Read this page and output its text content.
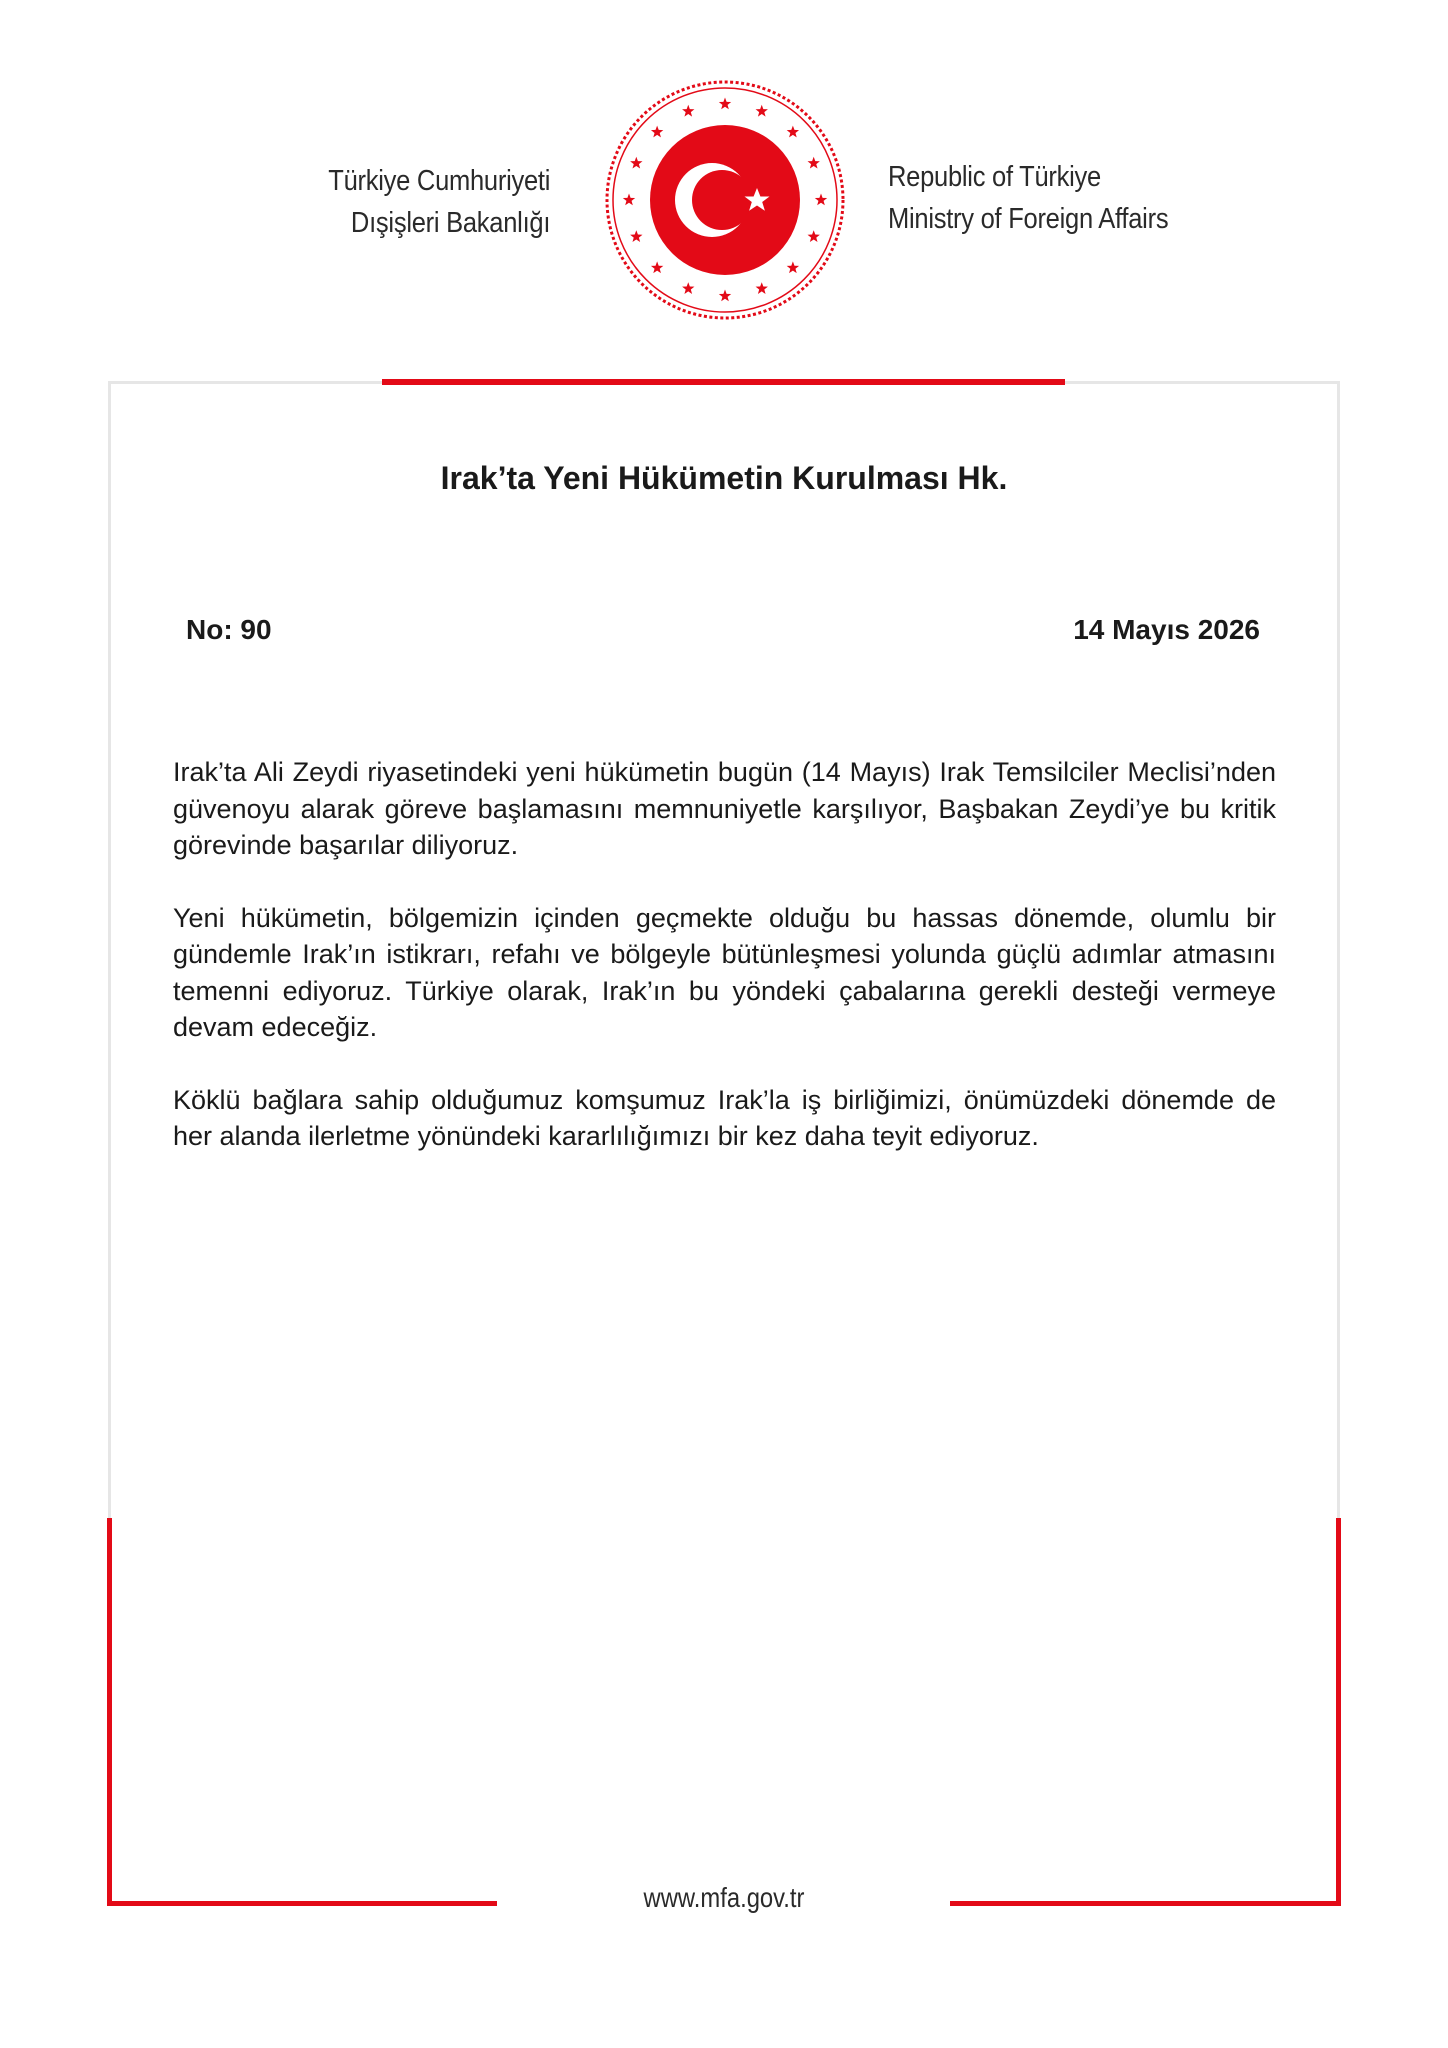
Türkiye Cumhuriyeti
Dışişleri Bakanlığı
Republic of Türkiye
Ministry of Foreign Affairs
Irak’ta Yeni Hükümetin Kurulması Hk.
No: 90	14 Mayıs 2026

Irak’ta Ali Zeydi riyasetindeki yeni hükümetin bugün (14 Mayıs) Irak Temsilciler Meclisi’nden güvenoyu alarak göreve başlamasını memnuniyetle karşılıyor, Başbakan Zeydi’ye bu kritik görevinde başarılar diliyoruz.

Yeni hükümetin, bölgemizin içinden geçmekte olduğu bu hassas dönemde, olumlu bir gündemle Irak’ın istikrarı, refahı ve bölgeyle bütünleşmesi yolunda güçlü adımlar atmasını temenni ediyoruz. Türkiye olarak, Irak’ın bu yöndeki çabalarına gerekli desteği vermeye devam edeceğiz.

Köklü bağlara sahip olduğumuz komşumuz Irak’la iş birliğimizi, önümüzdeki dönemde de her alanda ilerletme yönündeki kararlılığımızı bir kez daha teyit ediyoruz.

www.mfa.gov.tr
